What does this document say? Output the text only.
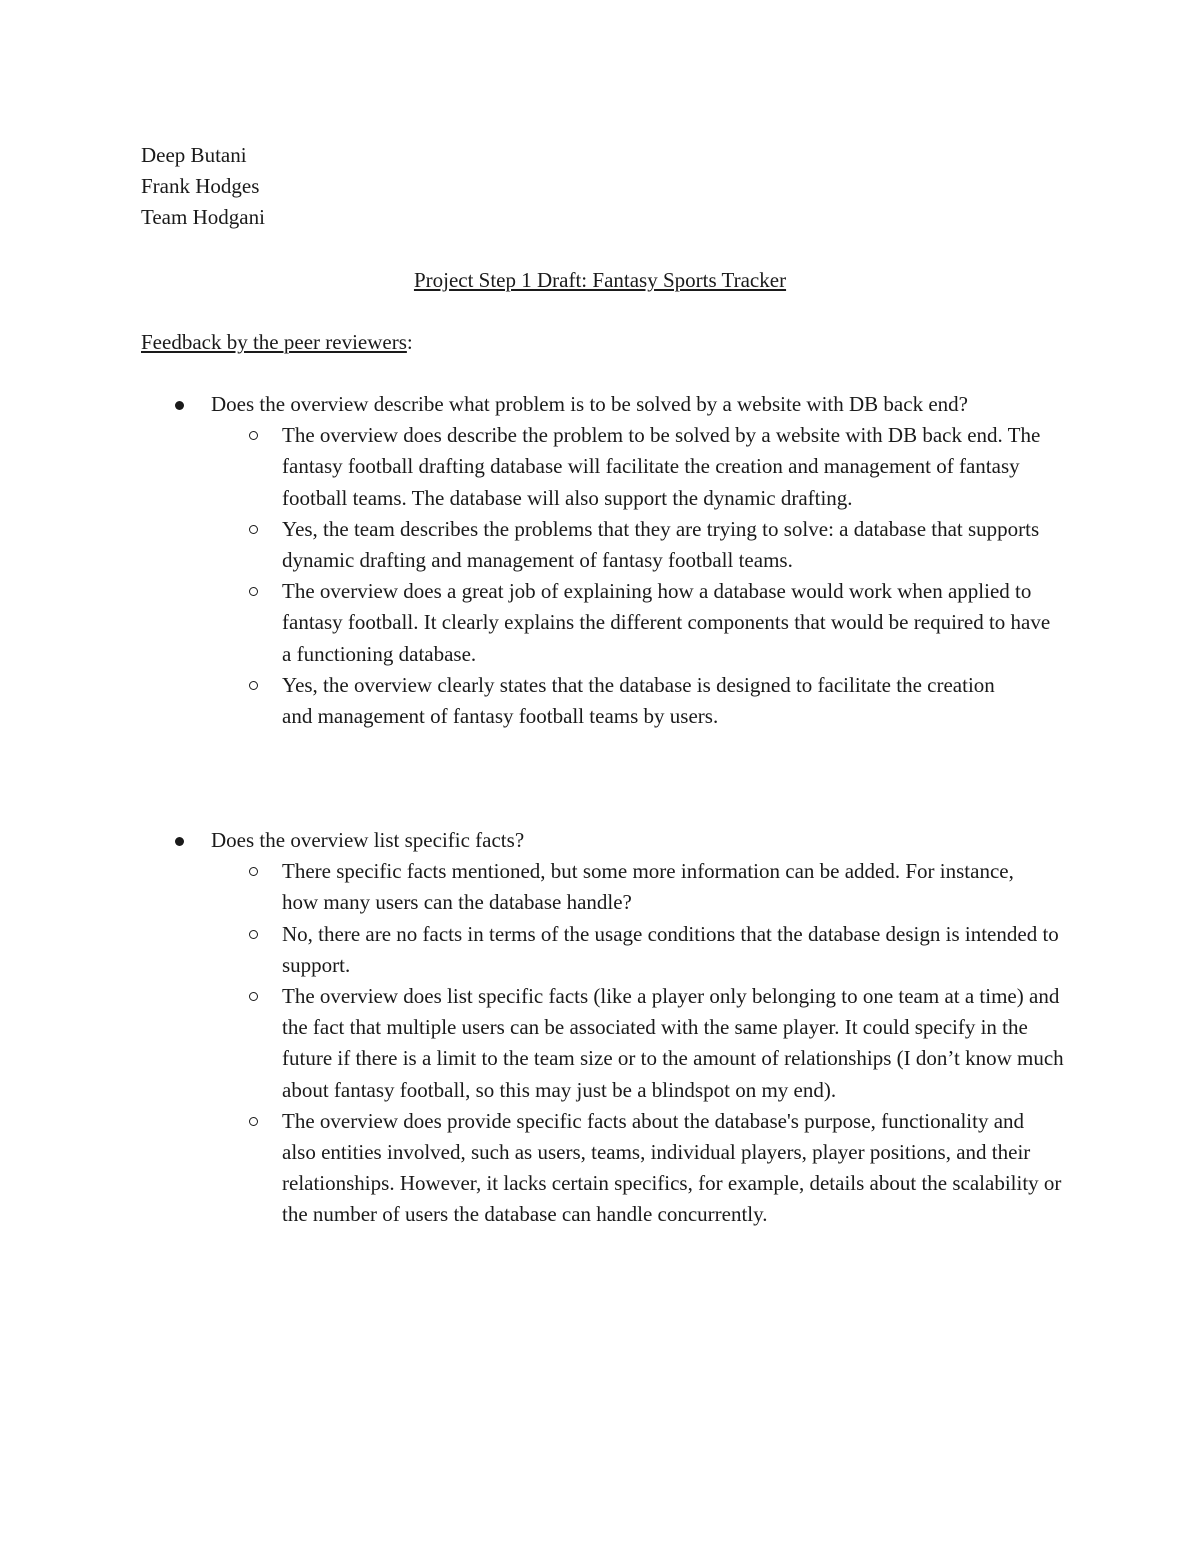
Deep Butani
Frank Hodges
Team Hodgani
Project Step 1 Draft: Fantasy Sports Tracker
Feedback by the peer reviewers:
Does the overview describe what problem is to be solved by a website with DB back end?
The overview does describe the problem to be solved by a website with DB back end. The fantasy football drafting database will facilitate the creation and management of fantasy football teams. The database will also support the dynamic drafting.
Yes, the team describes the problems that they are trying to solve: a database that supports dynamic drafting and management of fantasy football teams.
The overview does a great job of explaining how a database would work when applied to fantasy football. It clearly explains the different components that would be required to have a functioning database.
Yes, the overview clearly states that the database is designed to facilitate the creation and management of fantasy football teams by users.
Does the overview list specific facts?
There specific facts mentioned, but some more information can be added. For instance, how many users can the database handle?
No, there are no facts in terms of the usage conditions that the database design is intended to support.
The overview does list specific facts (like a player only belonging to one team at a time) and the fact that multiple users can be associated with the same player. It could specify in the future if there is a limit to the team size or to the amount of relationships (I don’t know much about fantasy football, so this may just be a blindspot on my end).
The overview does provide specific facts about the database's purpose, functionality and also entities involved, such as users, teams, individual players, player positions, and their relationships. However, it lacks certain specifics, for example, details about the scalability or the number of users the database can handle concurrently.
